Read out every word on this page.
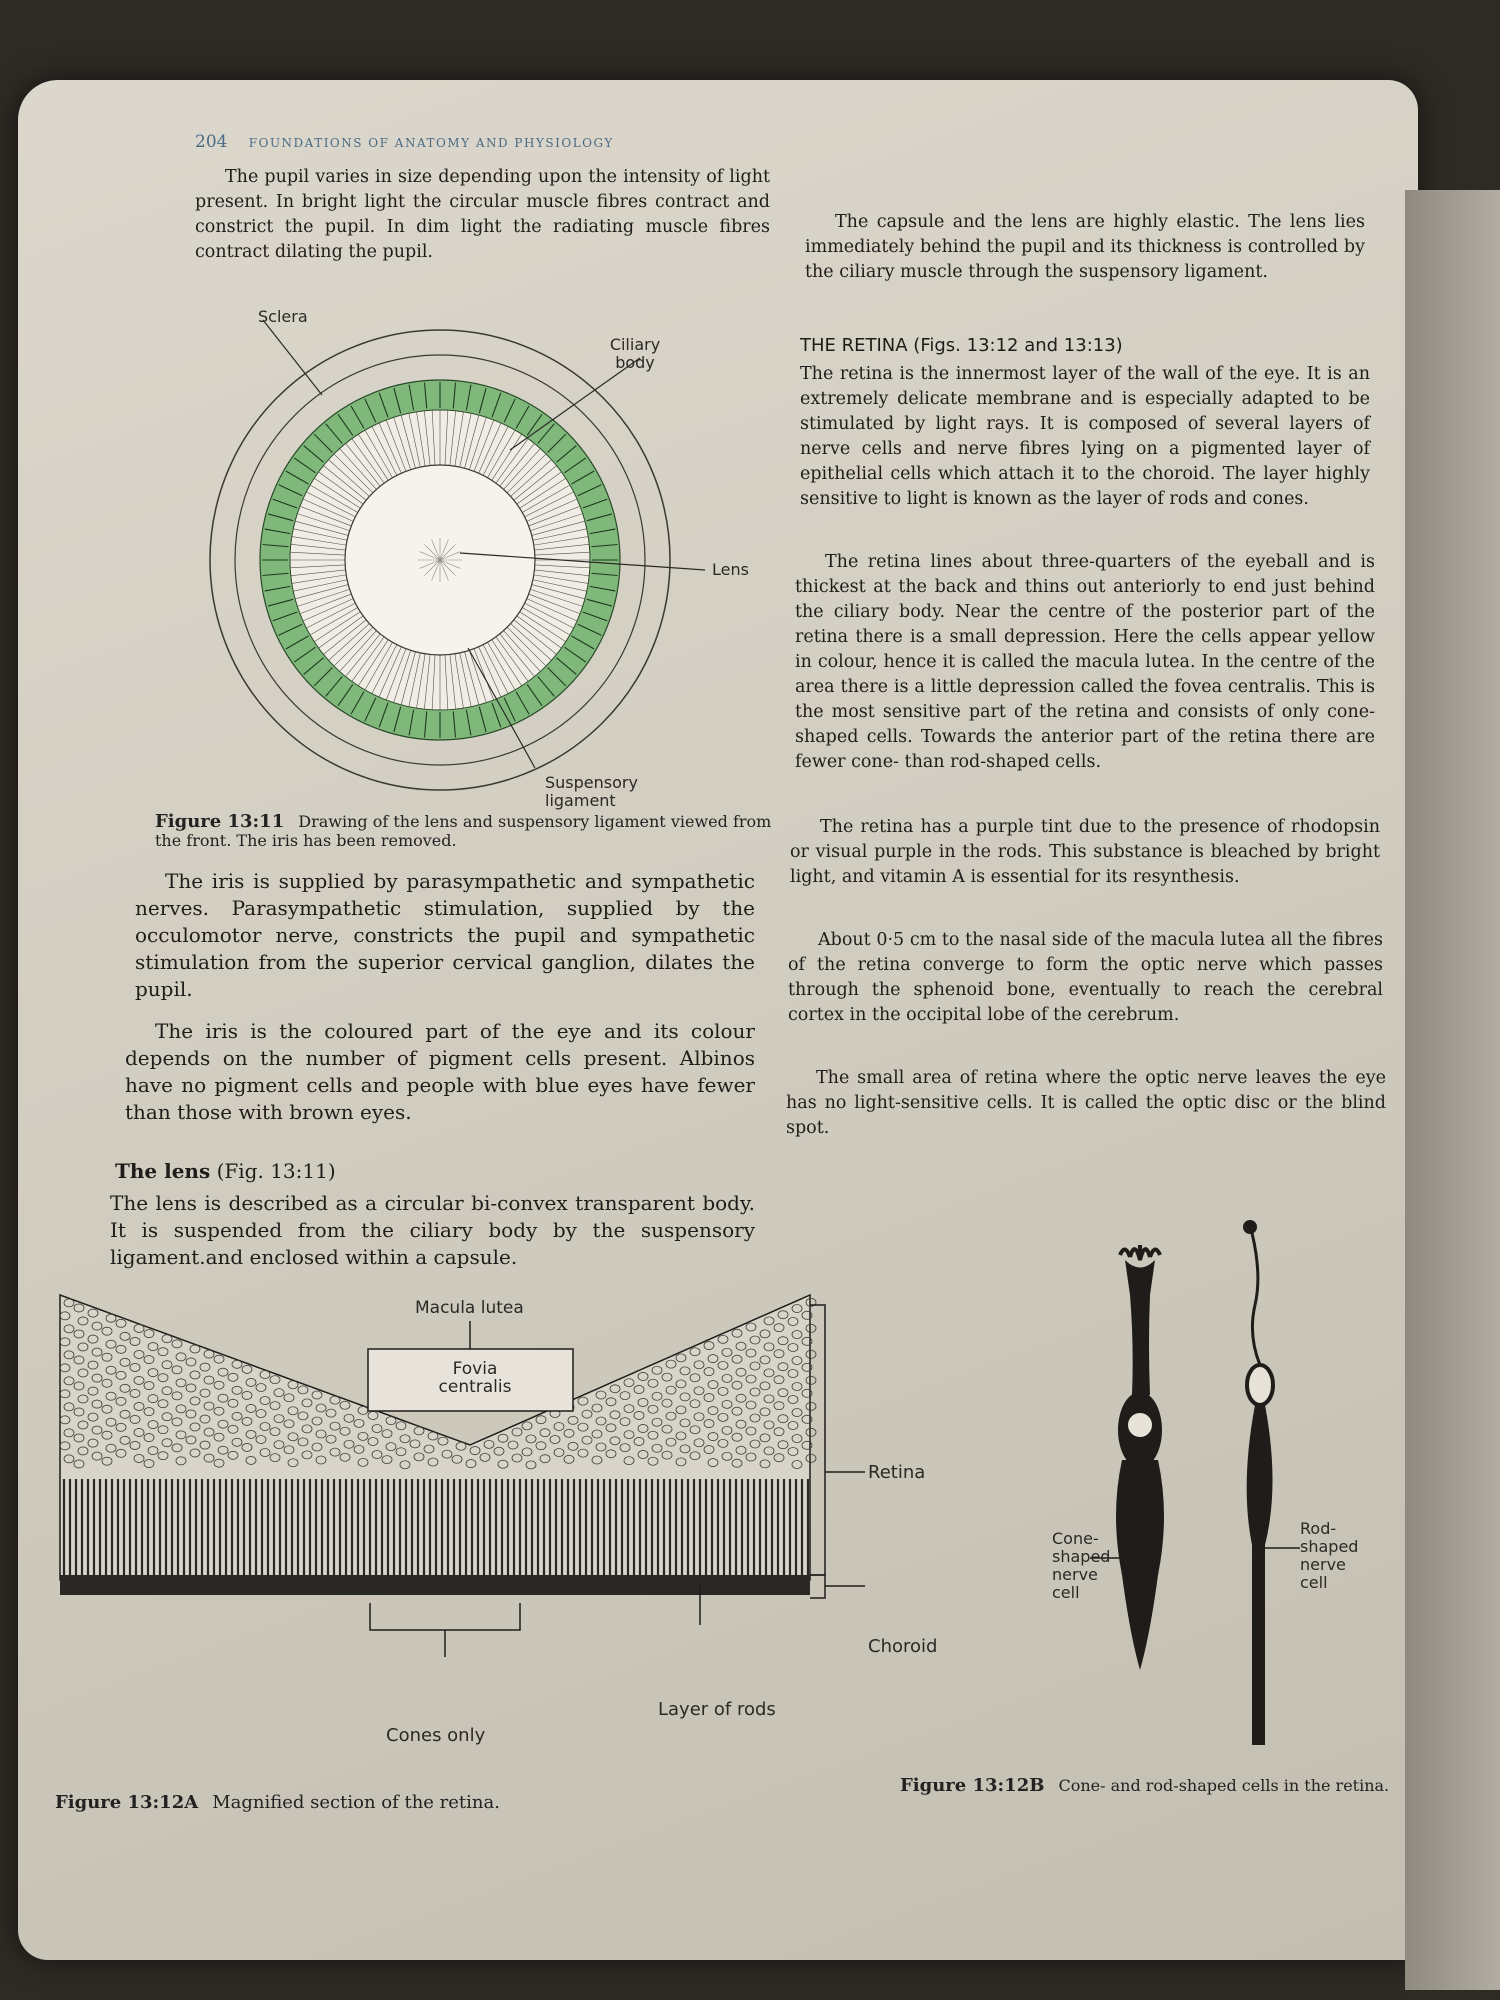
204 FOUNDATIONS OF ANATOMY AND PHYSIOLOGY

The pupil varies in size depending upon the intensity of light present. In bright light the circular muscle fibres contract and constrict the pupil. In dim light the radiating muscle fibres contract dilating the pupil.

Sclera
Ciliary body
Lens
Suspensory ligament
Figure 13:11 Drawing of the lens and suspensory ligament viewed from the front. The iris has been removed.

The iris is supplied by parasympathetic and sympathetic nerves. Parasympathetic stimulation, supplied by the occulomotor nerve, constricts the pupil and sympathetic stimulation from the superior cervical ganglion, dilates the pupil.

The iris is the coloured part of the eye and its colour depends on the number of pigment cells present. Albinos have no pigment cells and people with blue eyes have fewer than those with brown eyes.

The lens (Fig. 13:11)

The lens is described as a circular bi-convex transparent body. It is suspended from the ciliary body by the suspensory ligament.and enclosed within a capsule.

The capsule and the lens are highly elastic. The lens lies immediately behind the pupil and its thickness is controlled by the ciliary muscle through the suspensory ligament.

THE RETINA (Figs. 13:12 and 13:13)

The retina is the innermost layer of the wall of the eye. It is an extremely delicate membrane and is especially adapted to be stimulated by light rays. It is composed of several layers of nerve cells and nerve fibres lying on a pigmented layer of epithelial cells which attach it to the choroid. The layer highly sensitive to light is known as the layer of rods and cones.

The retina lines about three-quarters of the eyeball and is thickest at the back and thins out anteriorly to end just behind the ciliary body. Near the centre of the posterior part of the retina there is a small depression. Here the cells appear yellow in colour, hence it is called the macula lutea. In the centre of the area there is a little depression called the fovea centralis. This is the most sensitive part of the retina and consists of only cone-shaped cells. Towards the anterior part of the retina there are fewer cone- than rod-shaped cells.

The retina has a purple tint due to the presence of rhodopsin or visual purple in the rods. This substance is bleached by bright light, and vitamin A is essential for its resynthesis.

About 0·5 cm to the nasal side of the macula lutea all the fibres of the retina converge to form the optic nerve which passes through the sphenoid bone, eventually to reach the cerebral cortex in the occipital lobe of the cerebrum.

The small area of retina where the optic nerve leaves the eye has no light-sensitive cells. It is called the optic disc or the blind spot.

Macula lutea
Fovia centralis
Retina
Choroid
Layer of rods
Cones only
Figure 13:12A Magnified section of the retina.
Cone-shaped nerve cell
Rod-shaped nerve cell
Figure 13:12B Cone- and rod-shaped cells in the retina.
